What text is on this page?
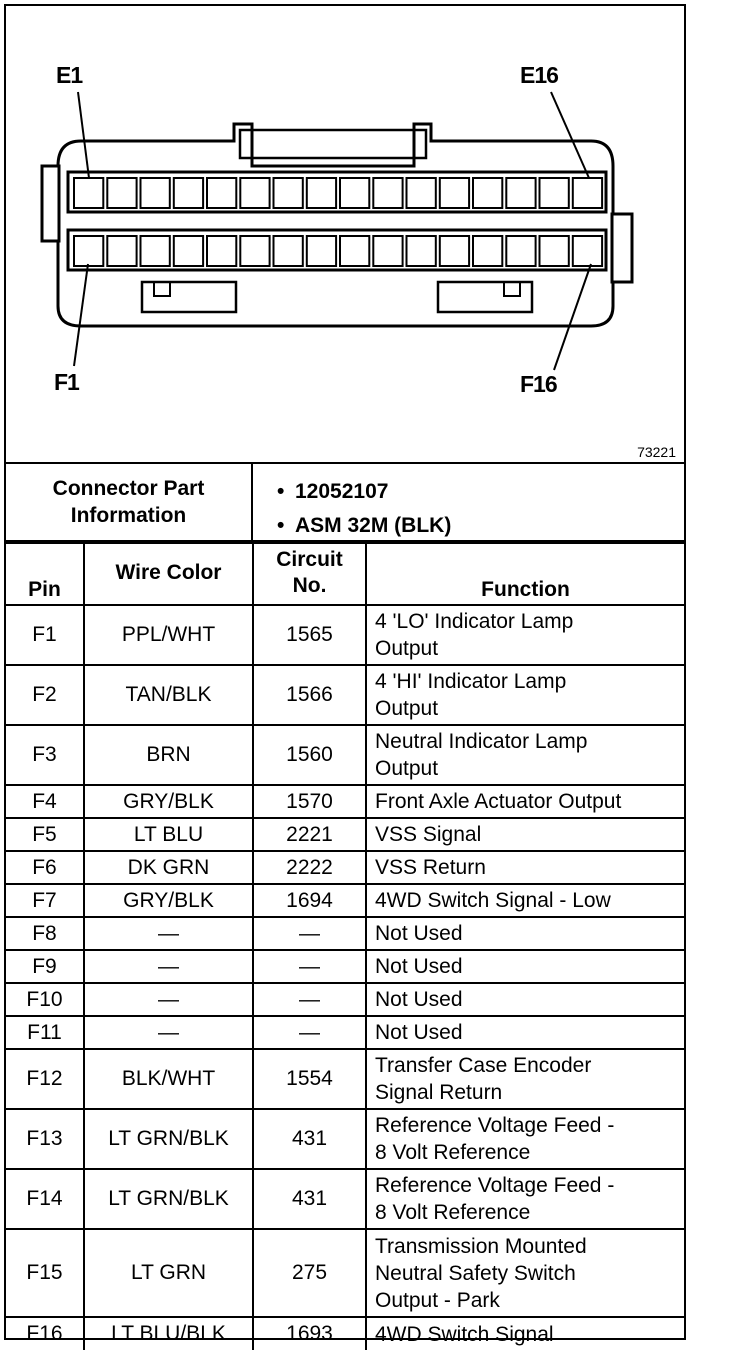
E1	E16
F1	F16
73221
Connector Part Information
• 12052107
• ASM 32M (BLK)
Pin	Wire Color	Circuit No.	Function
F1	PPL/WHT	1565	4 'LO' Indicator Lamp
Output
F2	TAN/BLK	1566	4 'HI' Indicator Lamp
Output
F3	BRN	1560	Neutral Indicator Lamp
Output
F4	GRY/BLK	1570	Front Axle Actuator Output
F5	LT BLU	2221	VSS Signal
F6	DK GRN	2222	VSS Return
F7	GRY/BLK	1694	4WD Switch Signal - Low
F8	—	—	Not Used
F9	—	—	Not Used
F10	—	—	Not Used
F11	—	—	Not Used
F12	BLK/WHT	1554	Transfer Case Encoder
Signal Return
F13	LT GRN/BLK	431	Reference Voltage Feed -
8 Volt Reference
F14	LT GRN/BLK	431	Reference Voltage Feed -
8 Volt Reference
F15	LT GRN	275	Transmission Mounted
Neutral Safety Switch
Output - Park
F16	LT BLU/BLK	1693	4WD Switch Signal
